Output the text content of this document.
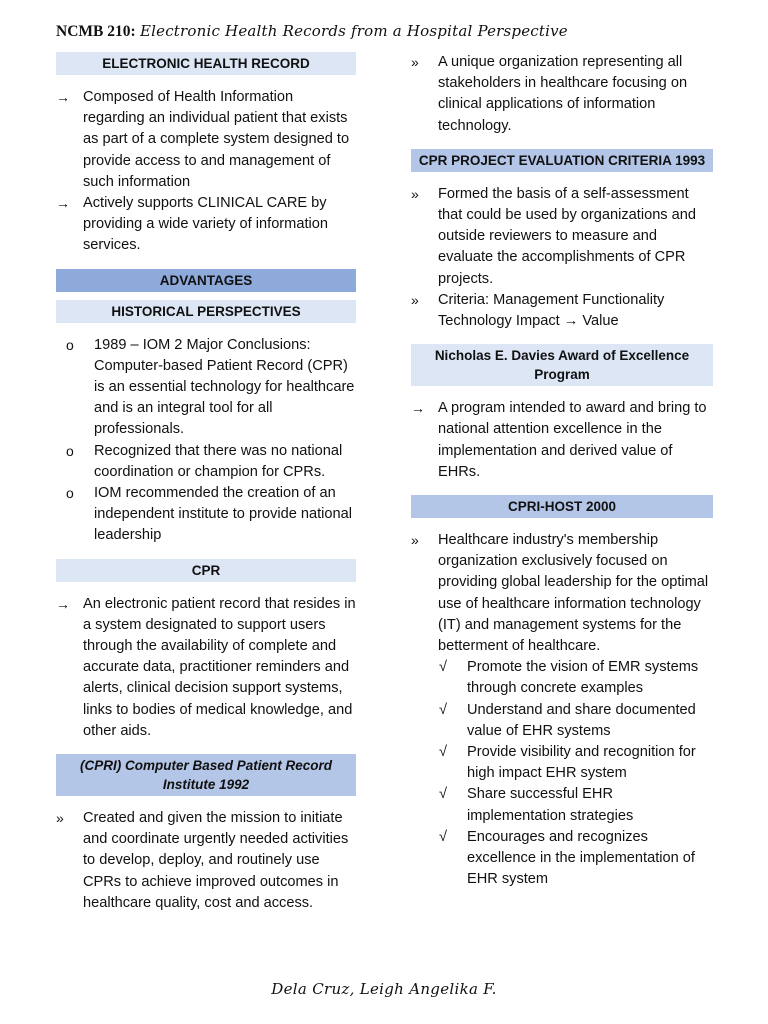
NCMB 210: Electronic Health Records from a Hospital Perspective
ELECTRONIC HEALTH RECORD
→ Composed of Health Information regarding an individual patient that exists as part of a complete system designed to provide access to and management of such information
→ Actively supports CLINICAL CARE by providing a wide variety of information services.
ADVANTAGES
HISTORICAL PERSPECTIVES
o 1989 – IOM 2 Major Conclusions: Computer-based Patient Record (CPR) is an essential technology for healthcare and is an integral tool for all professionals.
o Recognized that there was no national coordination or champion for CPRs.
o IOM recommended the creation of an independent institute to provide national leadership
CPR
→ An electronic patient record that resides in a system designated to support users through the availability of complete and accurate data, practitioner reminders and alerts, clinical decision support systems, links to bodies of medical knowledge, and other aids.
(CPRI) Computer Based Patient Record Institute 1992
» Created and given the mission to initiate and coordinate urgently needed activities to develop, deploy, and routinely use CPRs to achieve improved outcomes in healthcare quality, cost and access.
» A unique organization representing all stakeholders in healthcare focusing on clinical applications of information technology.
CPR PROJECT EVALUATION CRITERIA 1993
» Formed the basis of a self-assessment that could be used by organizations and outside reviewers to measure and evaluate the accomplishments of CPR projects.
» Criteria: Management Functionality Technology Impact → Value
Nicholas E. Davies Award of Excellence Program
→ A program intended to award and bring to national attention excellence in the implementation and derived value of EHRs.
CPRI-HOST 2000
» Healthcare industry's membership organization exclusively focused on providing global leadership for the optimal use of healthcare information technology (IT) and management systems for the betterment of healthcare.
√ Promote the vision of EMR systems through concrete examples
√ Understand and share documented value of EHR systems
√ Provide visibility and recognition for high impact EHR system
√ Share successful EHR implementation strategies
√ Encourages and recognizes excellence in the implementation of EHR system
Dela Cruz, Leigh Angelika F.
